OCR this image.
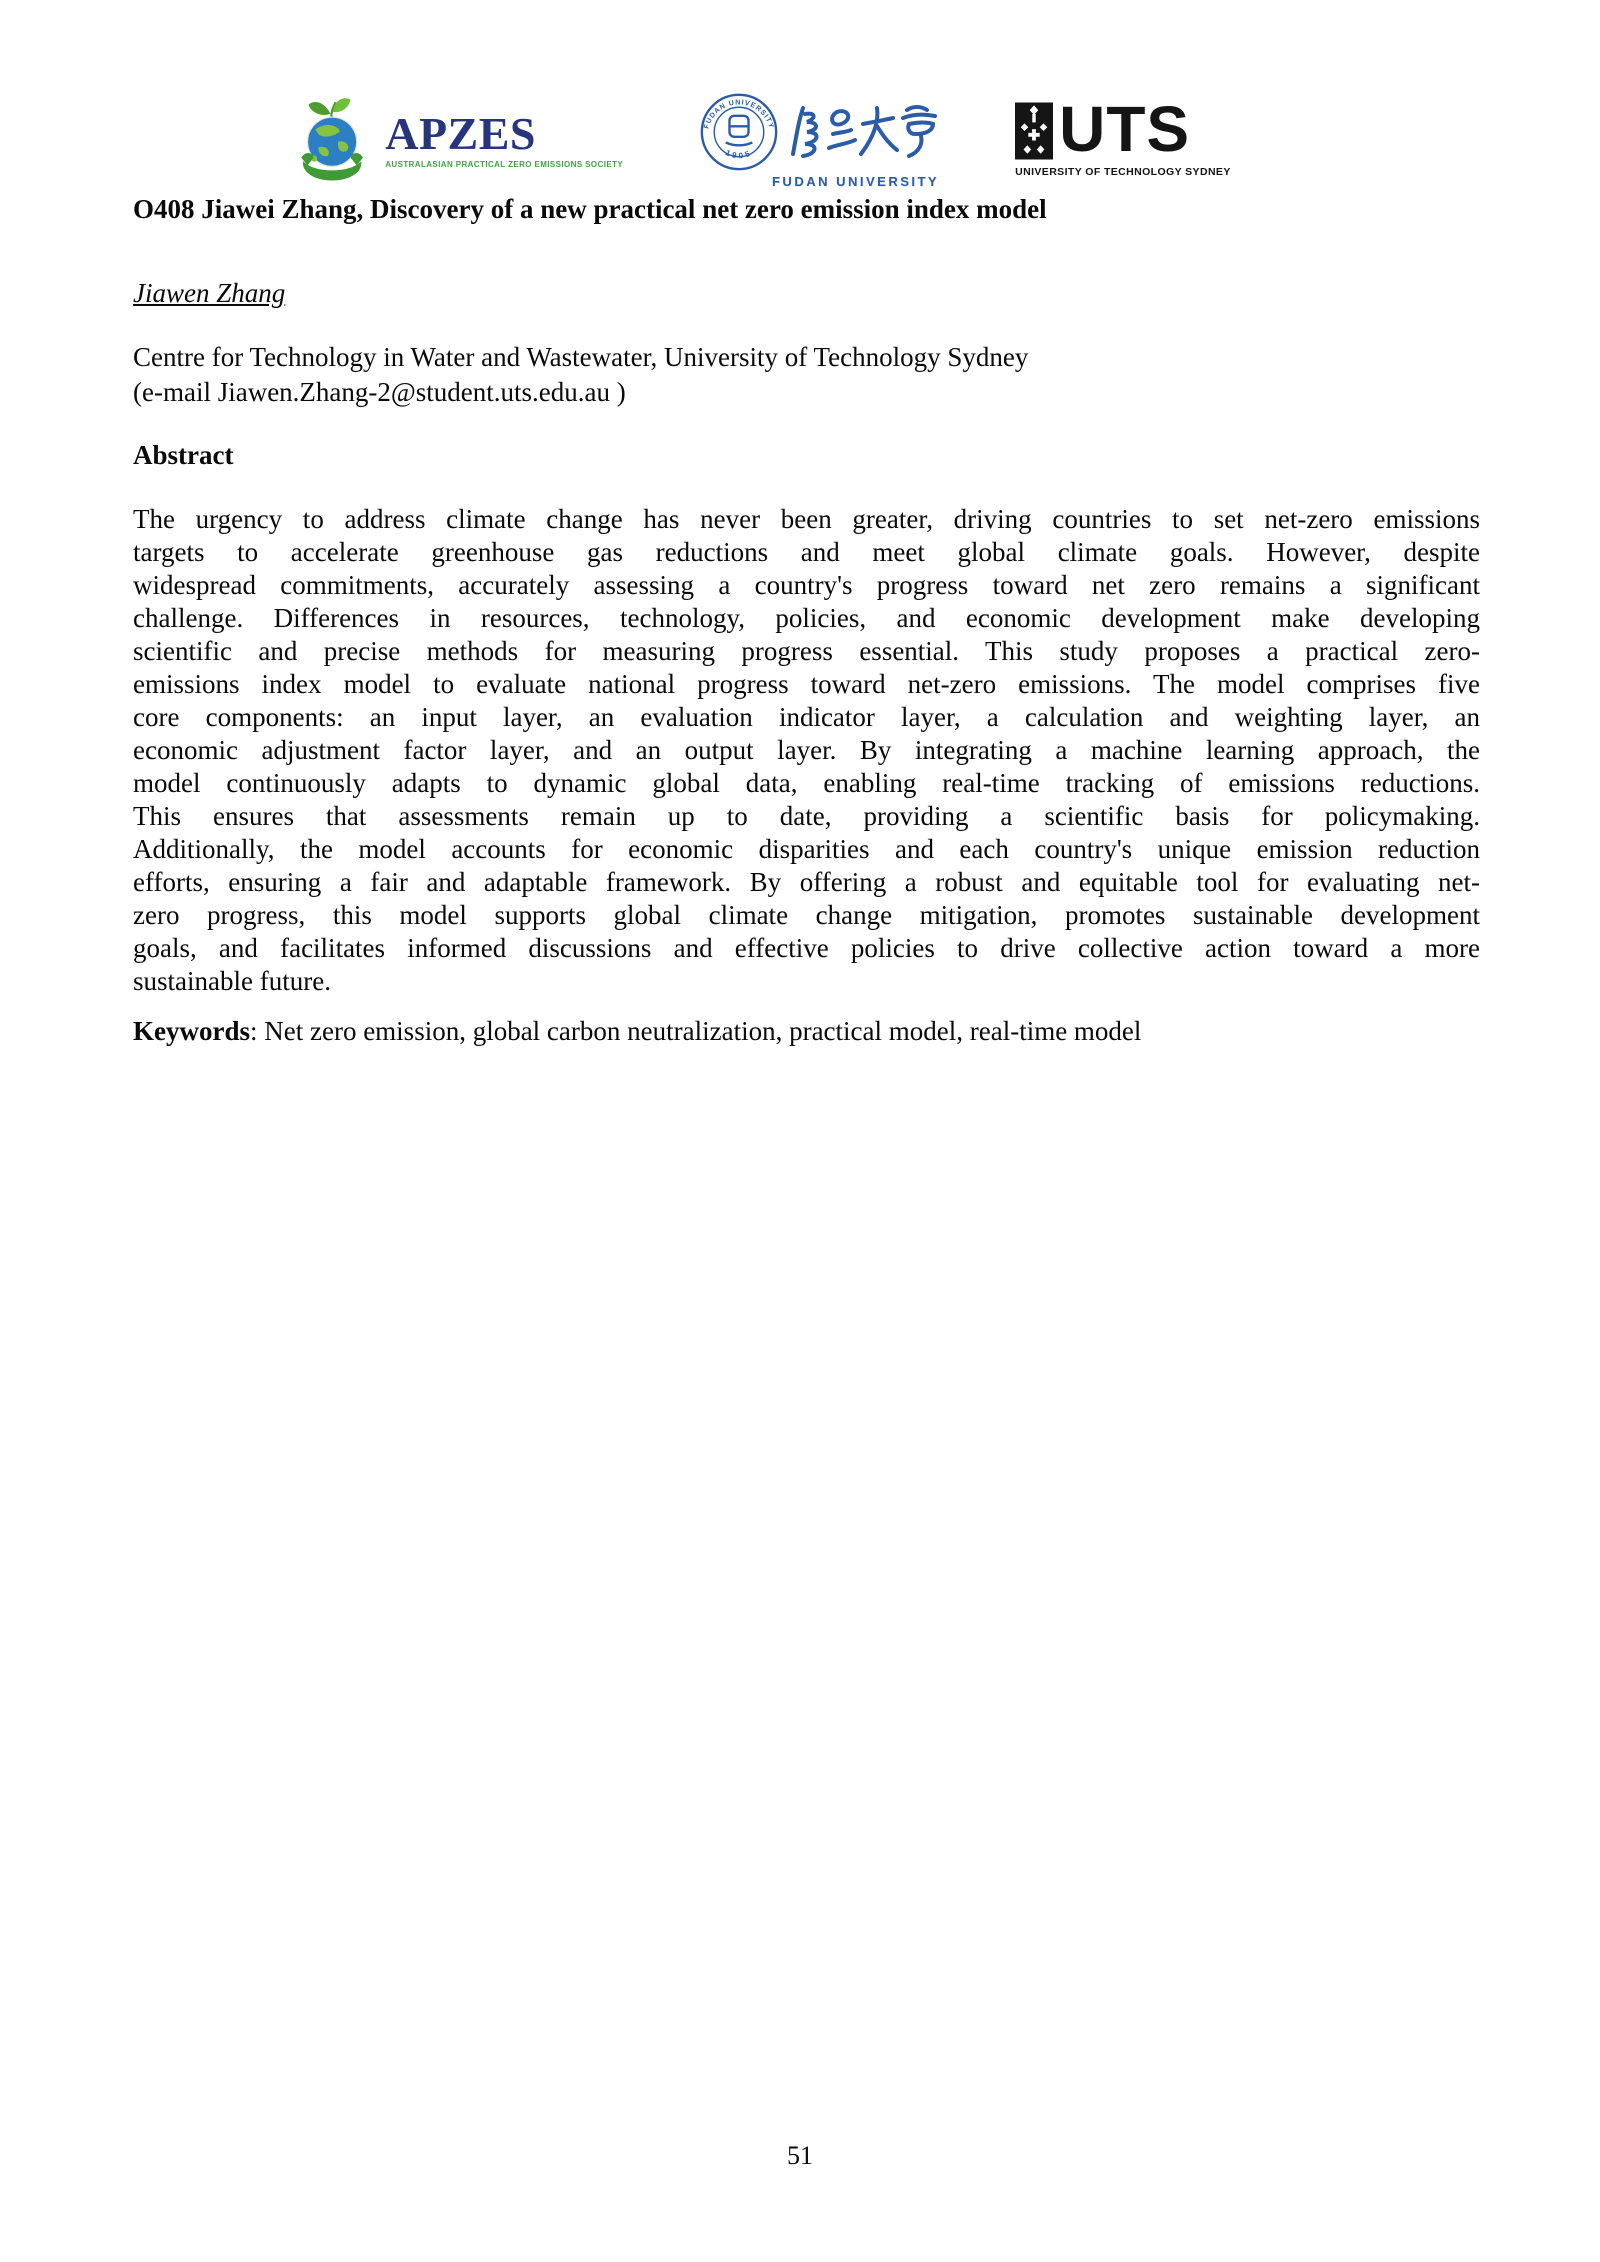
APZES
AUSTRALASIAN PRACTICAL ZERO EMISSIONS SOCIETY
FUDAN UNIVERSITY
1905
FUDAN UNIVERSITY
UTS
UNIVERSITY OF TECHNOLOGY SYDNEY
O408 Jiawei Zhang, Discovery of a new practical net zero emission index model
Jiawen Zhang
Centre for Technology in Water and Wastewater, University of Technology Sydney
(e-mail Jiawen.Zhang-2@student.uts.edu.au )
Abstract
The urgency to address climate change has never been greater, driving countries to set net-zero emissions
targets to accelerate greenhouse gas reductions and meet global climate goals. However, despite
widespread commitments, accurately assessing a country's progress toward net zero remains a significant
challenge. Differences in resources, technology, policies, and economic development make developing
scientific and precise methods for measuring progress essential. This study proposes a practical zero-
emissions index model to evaluate national progress toward net-zero emissions. The model comprises five
core components: an input layer, an evaluation indicator layer, a calculation and weighting layer, an
economic adjustment factor layer, and an output layer. By integrating a machine learning approach, the
model continuously adapts to dynamic global data, enabling real-time tracking of emissions reductions.
This ensures that assessments remain up to date, providing a scientific basis for policymaking.
Additionally, the model accounts for economic disparities and each country's unique emission reduction
efforts, ensuring a fair and adaptable framework. By offering a robust and equitable tool for evaluating net-
zero progress, this model supports global climate change mitigation, promotes sustainable development
goals, and facilitates informed discussions and effective policies to drive collective action toward a more
sustainable future.
Keywords: Net zero emission, global carbon neutralization, practical model, real-time model
51
